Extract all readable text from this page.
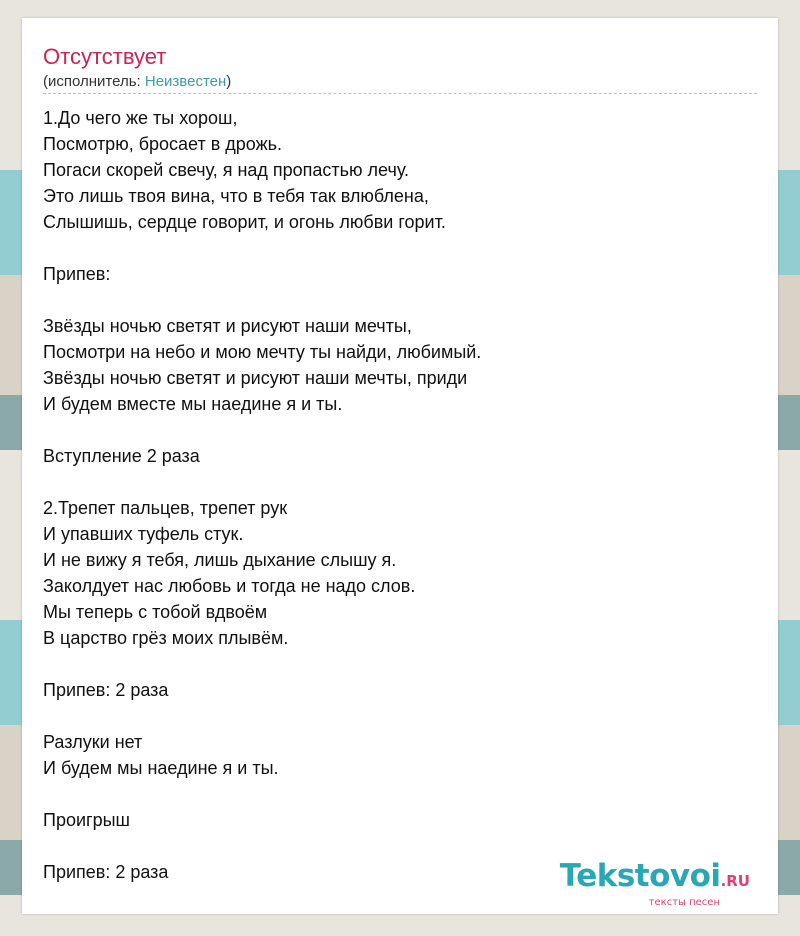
Отсутствует
(исполнитель: Неизвестен)
1.До чего же ты хорош,
Посмотрю, бросает в дрожь.
Погаси скорей свечу, я над пропастью лечу.
Это лишь твоя вина, что в тебя так влюблена,
Слышишь, сердце говорит, и огонь любви горит.
Припев:
Звёзды ночью светят и рисуют наши мечты,
Посмотри на небо и мою мечту ты найди, любимый.
Звёзды ночью светят и рисуют наши мечты, приди
И будем вместе мы наедине я и ты.
Вступление 2 раза
2.Трепет пальцев, трепет рук
И упавших туфель стук.
И не вижу я тебя, лишь дыхание слышу я.
Заколдует нас любовь и тогда не надо слов.
Мы теперь с тобой вдвоём
В царство грёз моих плывём.
Припев: 2 раза
Разлуки нет
И будем мы наедине я и ты.
Проигрыш
Припев: 2 раза	Tekstovoi.RU
тексты песен
